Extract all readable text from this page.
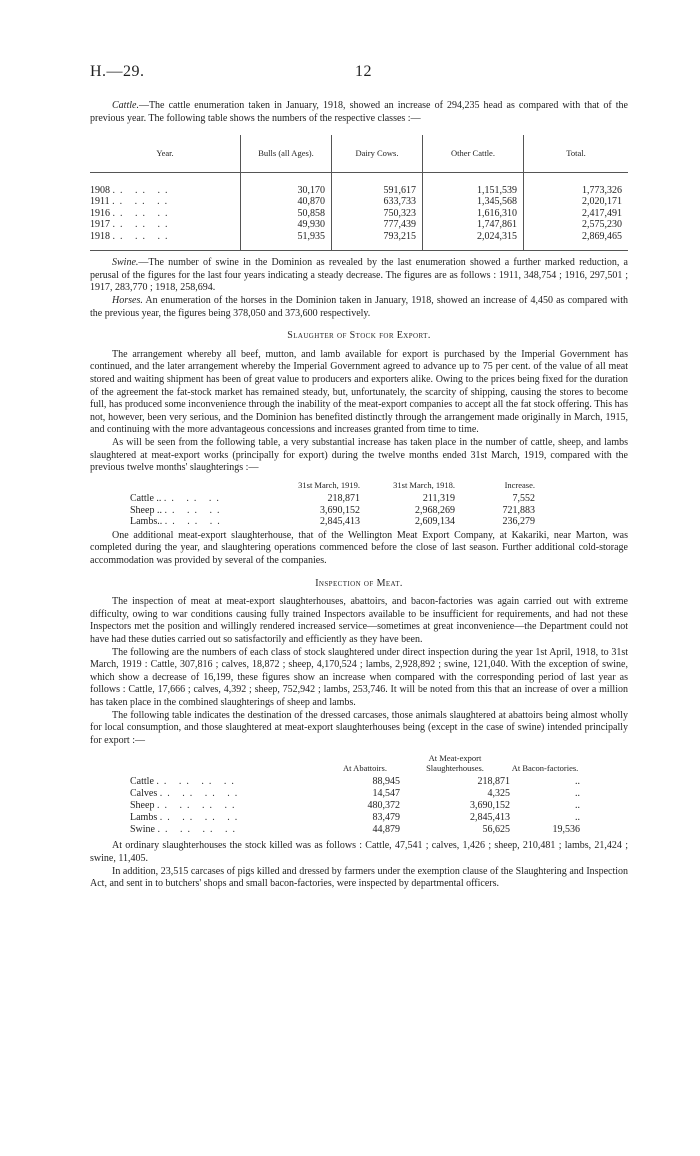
H.—29.	12

Cattle.—The cattle enumeration taken in January, 1918, showed an increase of 294,235 head as compared with that of the previous year. The following table shows the numbers of the respective classes :—

Year.	Bulls (all Ages).	Dairy Cows.	Other Cattle.	Total.
1908 .. .. ..	30,170	591,617	1,151,539	1,773,326
1911 .. .. ..	40,870	633,733	1,345,568	2,020,171
1916 .. .. ..	50,858	750,323	1,616,310	2,417,491
1917 .. .. ..	49,930	777,439	1,747,861	2,575,230
1918 .. .. ..	51,935	793,215	2,024,315	2,869,465

Swine.—The number of swine in the Dominion as revealed by the last enumeration showed a further marked reduction, a perusal of the figures for the last four years indicating a steady decrease. The figures are as follows : 1911, 348,754 ; 1916, 297,501 ; 1917, 283,770 ; 1918, 258,694.

Horses. An enumeration of the horses in the Dominion taken in January, 1918, showed an increase of 4,450 as compared with the previous year, the figures being 378,050 and 373,600 respectively.

Slaughter of Stock for Export.

The arrangement whereby all beef, mutton, and lamb available for export is purchased by the Imperial Government has continued, and the later arrangement whereby the Imperial Government agreed to advance up to 75 per cent. of the value of all meat stored and waiting shipment has been of great value to producers and exporters alike. Owing to the prices being fixed for the duration of the agreement the fat-stock market has remained steady, but, unfortunately, the scarcity of shipping, causing the stores to become full, has produced some inconvenience through the inability of the meat-export companies to accept all the fat stock offering. This has not, however, been very serious, and the Dominion has benefited distinctly through the arrangement made originally in March, 1915, and continuing with the more advantageous concessions and increases granted from time to time.

As will be seen from the following table, a very substantial increase has taken place in the number of cattle, sheep, and lambs slaughtered at meat-export works (principally for export) during the twelve months ended 31st March, 1919, compared with the previous twelve months' slaughterings :—

	31st March, 1919.	31st March, 1918.	Increase.
Cattle .. .. .. ..	218,871	211,319	7,552
Sheep .. .. .. ..	3,690,152	2,968,269	721,883
Lambs.. .. .. ..	2,845,413	2,609,134	236,279

One additional meat-export slaughterhouse, that of the Wellington Meat Export Company, at Kakariki, near Marton, was completed during the year, and slaughtering operations commenced before the close of last season. Further additional cold-storage accommodation was provided by several of the companies.

Inspection of Meat.

The inspection of meat at meat-export slaughterhouses, abattoirs, and bacon-factories was again carried out with extreme difficulty, owing to war conditions causing fully trained Inspectors available to be insufficient for requirements, and had not these Inspectors met the position and willingly rendered increased service—sometimes at great inconvenience—the Department could not have had these duties carried out so satisfactorily and efficiently as they have been.

The following are the numbers of each class of stock slaughtered under direct inspection during the year 1st April, 1918, to 31st March, 1919 : Cattle, 307,816 ; calves, 18,872 ; sheep, 4,170,524 ; lambs, 2,928,892 ; swine, 121,040. With the exception of swine, which show a decrease of 16,199, these figures show an increase when compared with the corresponding period of last year as follows : Cattle, 17,666 ; calves, 4,392 ; sheep, 752,942 ; lambs, 253,746. It will be noted from this that an increase of over a million has taken place in the combined slaughterings of sheep and lambs.

The following table indicates the destination of the dressed carcases, those animals slaughtered at abattoirs being almost wholly for local consumption, and those slaughtered at meat-export slaughterhouses being (except in the case of swine) intended principally for export :—

	At Abattoirs.	At Meat-export Slaughterhouses.	At Bacon-factories.
Cattle .. .. .. ..	88,945	218,871	..
Calves .. .. .. ..	14,547	4,325	..
Sheep .. .. .. ..	480,372	3,690,152	..
Lambs .. .. .. ..	83,479	2,845,413	..
Swine .. .. .. ..	44,879	56,625	19,536

At ordinary slaughterhouses the stock killed was as follows : Cattle, 47,541 ; calves, 1,426 ; sheep, 210,481 ; lambs, 21,424 ; swine, 11,405.

In addition, 23,515 carcases of pigs killed and dressed by farmers under the exemption clause of the Slaughtering and Inspection Act, and sent in to butchers' shops and small bacon-factories, were inspected by departmental officers.
